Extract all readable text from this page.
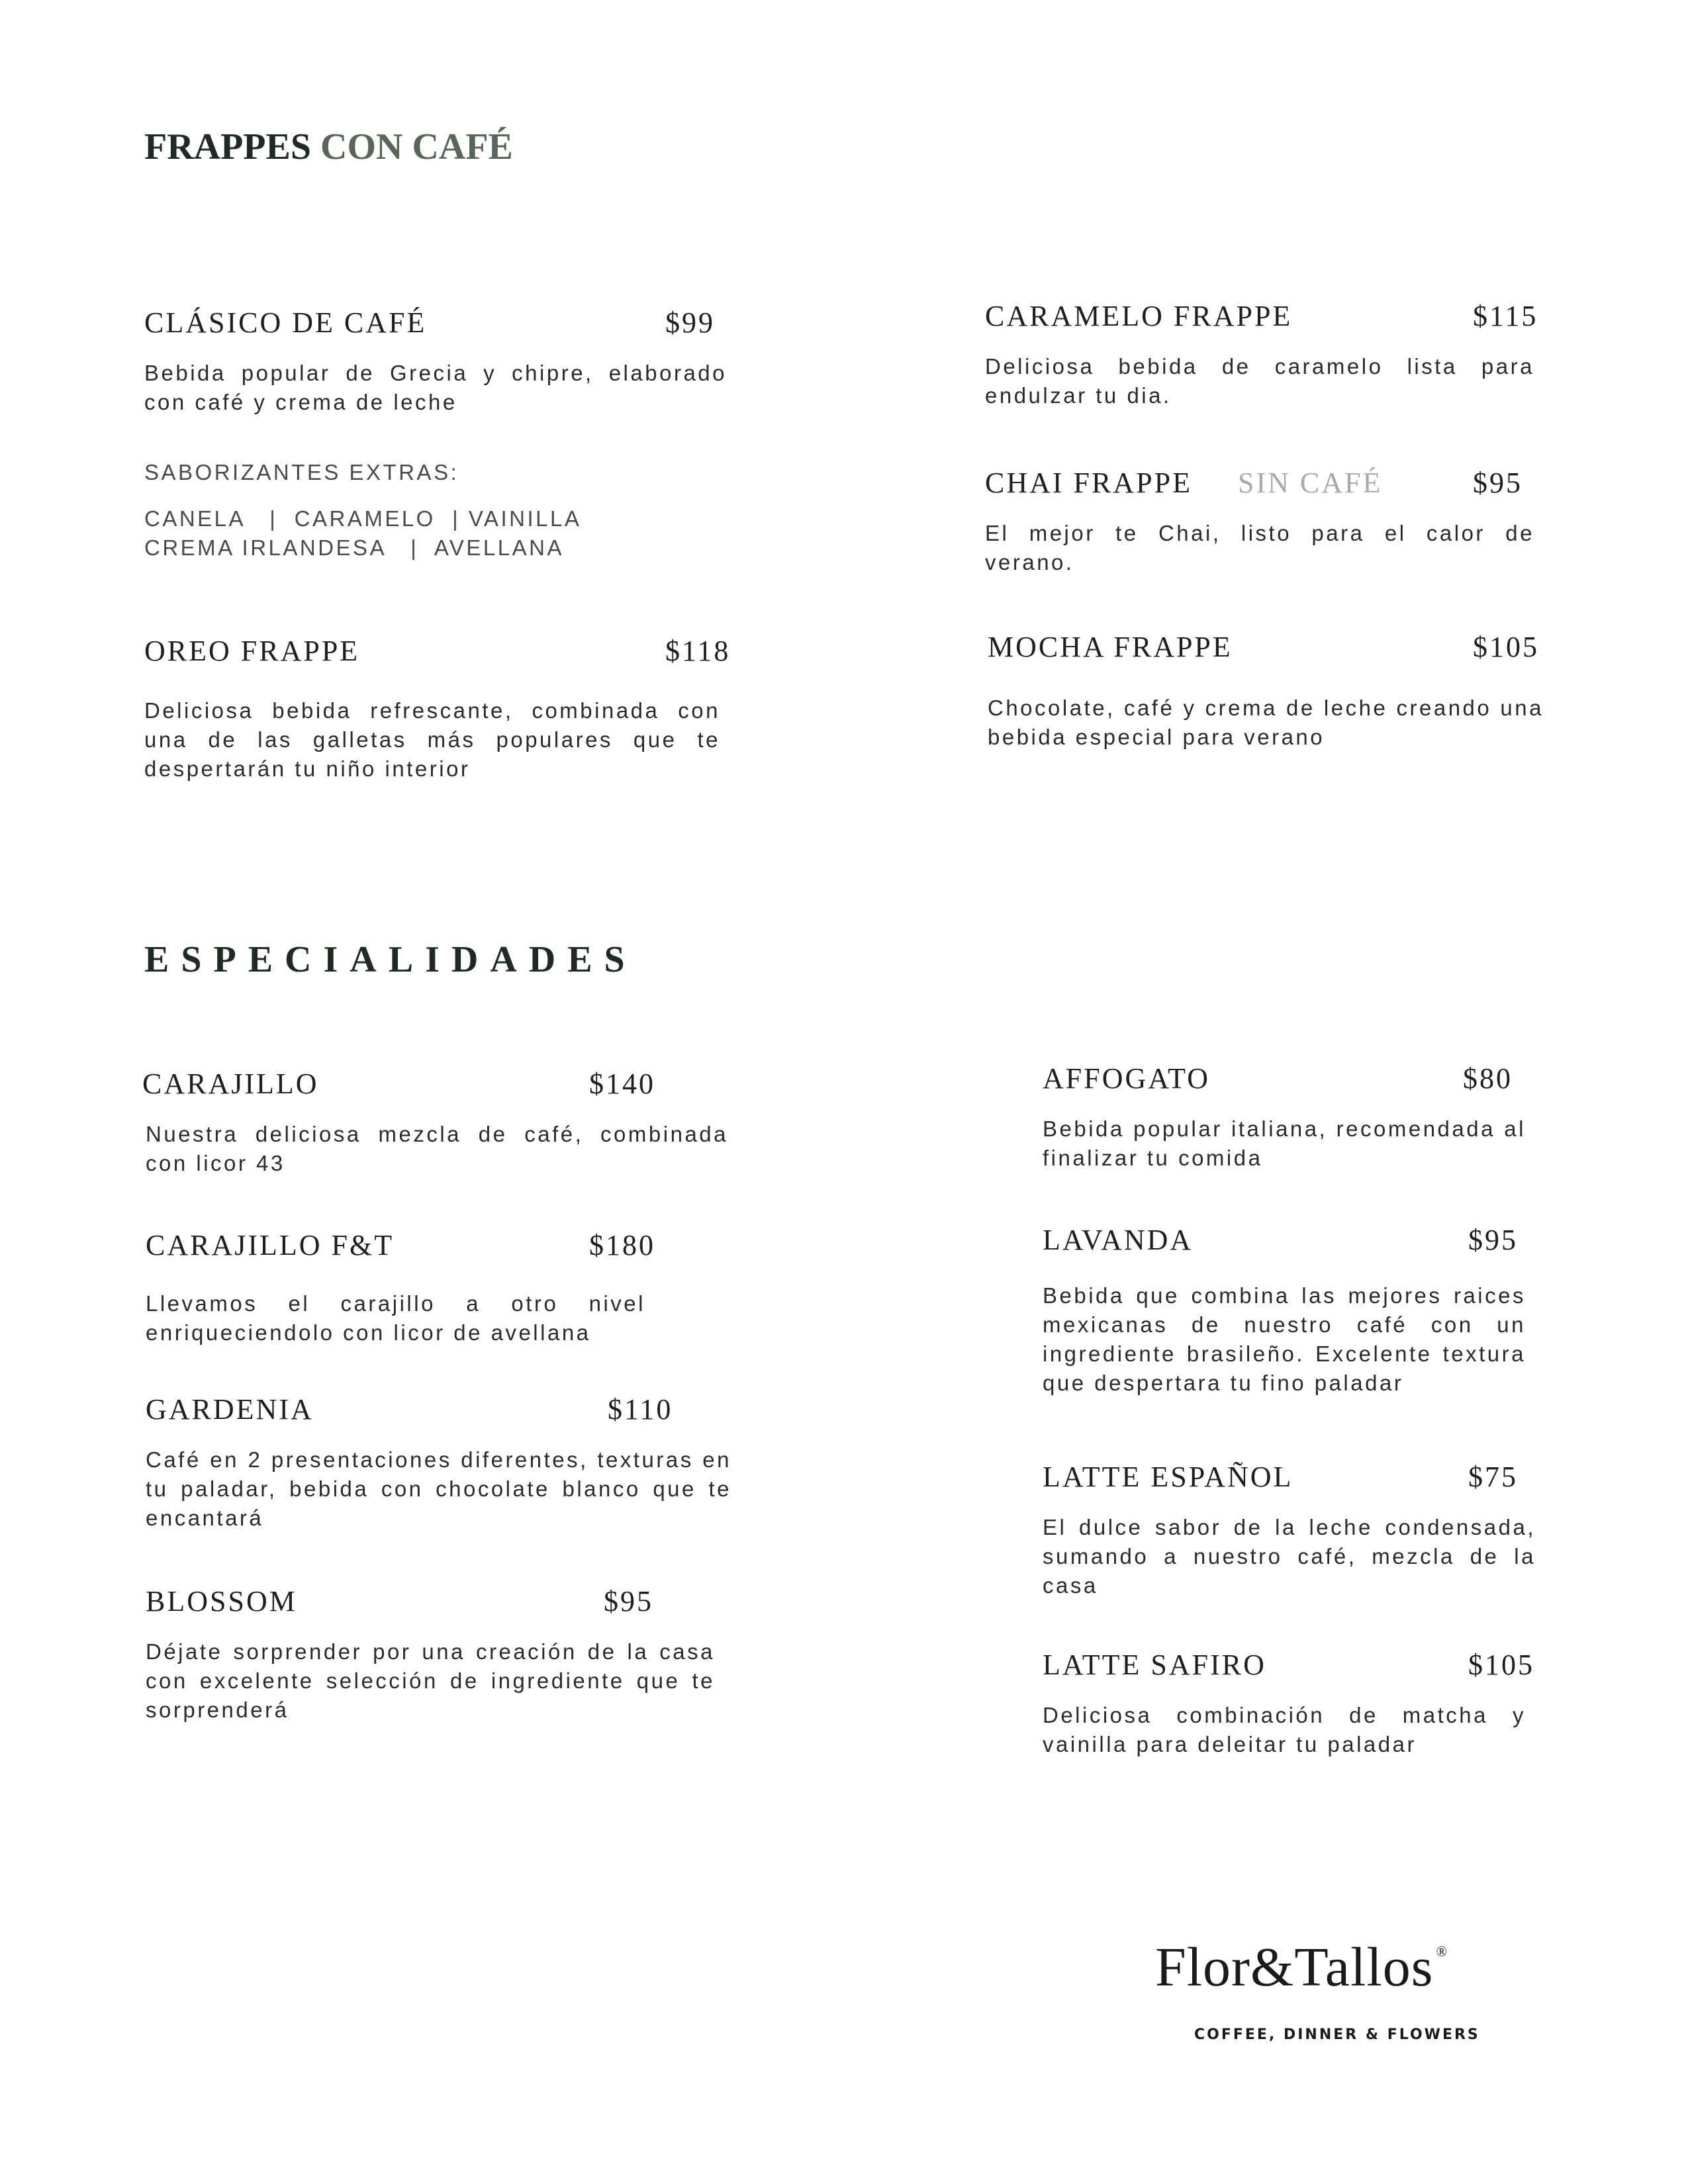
FRAPPES CON CAFÉ
CLÁSICO DE CAFÉ	$99

Bebida popular de Grecia y chipre, elaborado con café y crema de leche

SABORIZANTES EXTRAS:

CANELA   |  CARAMELO  | VAINILLA

CREMA IRLANDESA   |  AVELLANA

OREO FRAPPE	$118

Deliciosa bebida refrescante, combinada con una de las galletas más populares que te despertarán tu niño interior

CARAMELO FRAPPE	$115

Deliciosa bebida de caramelo lista para endulzar tu dia.

CHAI FRAPPE SIN CAFÉ	$95

El mejor te Chai, listo para el calor de verano.

MOCHA FRAPPE	$105

Chocolate, café y crema de leche creando una bebida especial para verano

ESPECIALIDADES
CARAJILLO	$140

Nuestra deliciosa mezcla de café, combinada con licor 43

CARAJILLO F&T	$180

Llevamos el carajillo a otro nivel enriqueciendolo con licor de avellana

GARDENIA	$110

Café en 2 presentaciones diferentes, texturas en tu paladar, bebida con chocolate blanco que te encantará

BLOSSOM	$95

Déjate sorprender por una creación de la casa con excelente selección de ingrediente que te sorprenderá

AFFOGATO	$80

Bebida popular italiana, recomendada al finalizar tu comida

LAVANDA	$95

Bebida que combina las mejores raices mexicanas de nuestro café con un ingrediente brasileño. Excelente textura que despertara tu fino paladar

LATTE ESPAÑOL	$75

El dulce sabor de la leche condensada, sumando a nuestro café, mezcla de la casa

LATTE SAFIRO	$105

Deliciosa combinación de matcha y vainilla para deleitar tu paladar

Flor&Tallos ®
COFFEE, DINNER & FLOWERS
